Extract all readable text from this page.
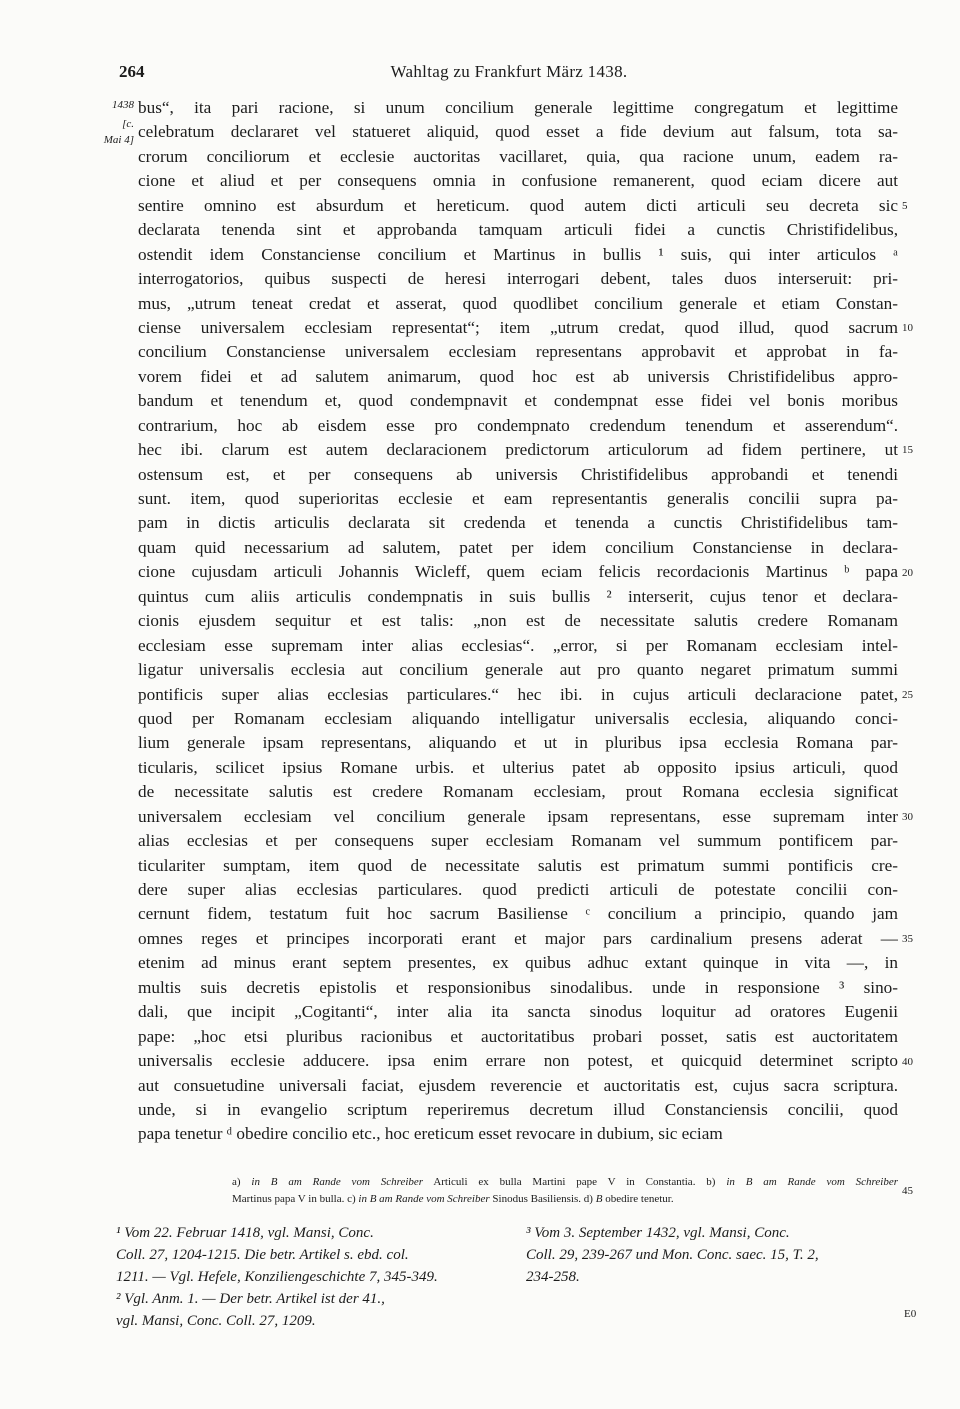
264	Wahltag zu Frankfurt März 1438.
1438
[c.
Mai 4]
bus“, ita pari racione, si unum concilium generale legittime congregatum et legittime
celebratum declararet vel statueret aliquid, quod esset a fide devium aut falsum, tota sa-
crorum conciliorum et ecclesie auctoritas vacillaret, quia, qua racione unum, eadem ra-
cione et aliud et per consequens omnia in confusione remanerent, quod eciam dicere aut
sentire omnino est absurdum et hereticum. quod autem dicti articuli seu decreta sic
declarata tenenda sint et approbanda tamquam articuli fidei a cunctis Christifidelibus,
ostendit idem Constanciense concilium et Martinus in bullis ¹ suis, qui inter articulos ᵃ
interrogatorios, quibus suspecti de heresi interrogari debent, tales duos interseruit: pri-
mus, „utrum teneat credat et asserat, quod quodlibet concilium generale et etiam Constan-
ciense universalem ecclesiam representat“; item „utrum credat, quod illud, quod sacrum
concilium Constanciense universalem ecclesiam representans approbavit et approbat in fa-
vorem fidei et ad salutem animarum, quod hoc est ab universis Christifidelibus appro-
bandum et tenendum et, quod condempnavit et condempnat esse fidei vel bonis moribus
contrarium, hoc ab eisdem esse pro condempnato credendum tenendum et asserendum“.
hec ibi. clarum est autem declaracionem predictorum articulorum ad fidem pertinere, ut
ostensum est, et per consequens ab universis Christifidelibus approbandi et tenendi
sunt. item, quod superioritas ecclesie et eam representantis generalis concilii supra pa-
pam in dictis articulis declarata sit credenda et tenenda a cunctis Christifidelibus tam-
quam quid necessarium ad salutem, patet per idem concilium Constanciense in declara-
cione cujusdam articuli Johannis Wicleff, quem eciam felicis recordacionis Martinus ᵇ papa
quintus cum aliis articulis condempnatis in suis bullis ² interserit, cujus tenor et declara-
cionis ejusdem sequitur et est talis: „non est de necessitate salutis credere Romanam
ecclesiam esse supremam inter alias ecclesias“. „error, si per Romanam ecclesiam intel-
ligatur universalis ecclesia aut concilium generale aut pro quanto negaret primatum summi
pontificis super alias ecclesias particulares.“ hec ibi. in cujus articuli declaracione patet,
quod per Romanam ecclesiam aliquando intelligatur universalis ecclesia, aliquando conci-
lium generale ipsam representans, aliquando et ut in pluribus ipsa ecclesia Romana par-
ticularis, scilicet ipsius Romane urbis. et ulterius patet ab opposito ipsius articuli, quod
de necessitate salutis est credere Romanam ecclesiam, prout Romana ecclesia significat
universalem ecclesiam vel concilium generale ipsam representans, esse supremam inter
alias ecclesias et per consequens super ecclesiam Romanam vel summum pontificem par-
ticulariter sumptam, item quod de necessitate salutis est primatum summi pontificis cre-
dere super alias ecclesias particulares. quod predicti articuli de potestate concilii con-
cernunt fidem, testatum fuit hoc sacrum Basiliense ᶜ concilium a principio, quando jam
omnes reges et principes incorporati erant et major pars cardinalium presens aderat —
etenim ad minus erant septem presentes, ex quibus adhuc extant quinque in vita —, in
multis suis decretis epistolis et responsionibus sinodalibus. unde in responsione ³ sino-
dali, que incipit „Cogitanti“, inter alia ita sancta sinodus loquitur ad oratores Eugenii
pape: „hoc etsi pluribus racionibus et auctoritatibus probari posset, satis est auctoritatem
universalis ecclesie adducere. ipsa enim errare non potest, et quicquid determinet scripto
aut consuetudine universali faciat, ejusdem reverencie et auctoritatis est, cujus sacra scriptura.
unde, si in evangelio scriptum reperiremus decretum illud Constanciensis concilii, quod
papa tenetur ᵈ obedire concilio etc., hoc ereticum esset revocare in dubium, sic eciam
5
10
15
20
25
30
35
40
a) in B am Rande vom Schreiber Articuli ex bulla Martini pape V in Constantia. b) in B am Rande vom Schreiber
Martinus papa V in bulla. c) in B am Rande vom Schreiber Sinodus Basiliensis. d) B obedire tenetur.
45
¹ Vom 22. Februar 1418, vgl. Mansi, Conc.
Coll. 27, 1204-1215. Die betr. Artikel s. ebd. col.
1211. — Vgl. Hefele, Konziliengeschichte 7, 345-349.
² Vgl. Anm. 1. — Der betr. Artikel ist der 41.,
vgl. Mansi, Conc. Coll. 27, 1209.
³ Vom 3. September 1432, vgl. Mansi, Conc.
Coll. 29, 239-267 und Mon. Conc. saec. 15, T. 2,
234-258.
E0
